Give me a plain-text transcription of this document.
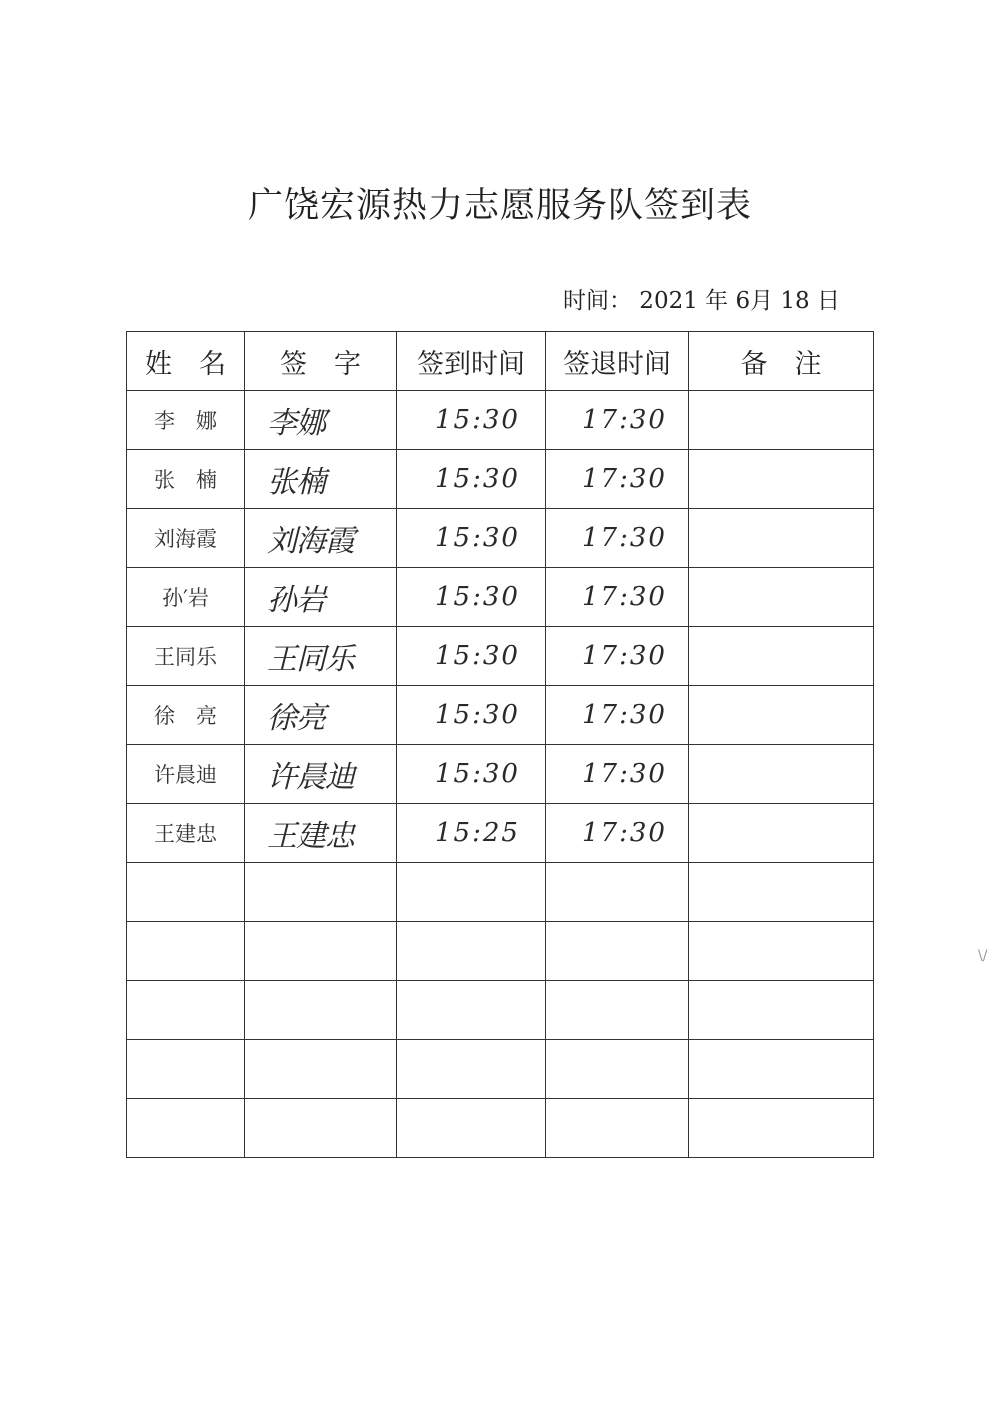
广饶宏源热力志愿服务队签到表
时间： 2021 年 6月 18 日
姓　名	签　字	签到时间	签退时间	备　注
李　娜	李娜	15:30	17:30	
张　楠	张楠	15:30	17:30	
刘海霞	刘海霞	15:30	17:30	
孙′岩	孙岩	15:30	17:30	
王同乐	王同乐	15:30	17:30	
徐　亮	徐亮	15:30	17:30	
许晨迪	许晨迪	15:30	17:30	
王建忠	王建忠	15:25	17:30	

\/
